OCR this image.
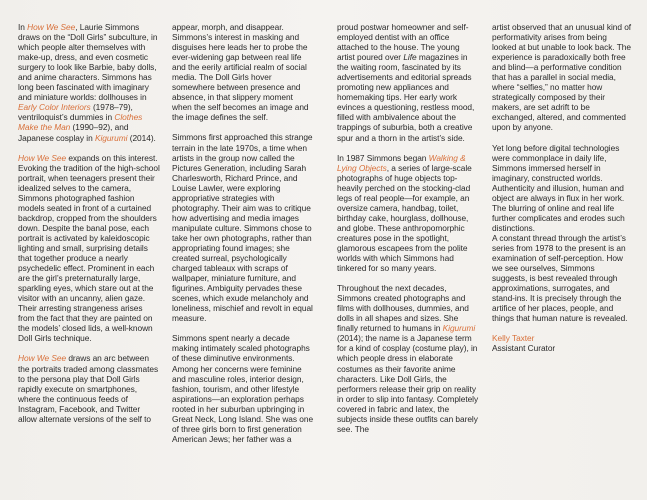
In How We See, Laurie Simmons draws on the “Doll Girls” subculture, in which people alter themselves with make-up, dress, and even cosmetic surgery to look like Barbie, baby dolls, and anime characters. Simmons has long been fascinated with imaginary and miniature worlds: dollhouses in Early Color Interiors (1978–79), ventriloquist’s dummies in Clothes Make the Man (1990–92), and Japanese cosplay in Kigurumi (2014).

How We See expands on this interest. Evoking the tradition of the high-school portrait, when teenagers present their idealized selves to the camera, Simmons photographed fashion models seated in front of a curtained backdrop, cropped from the shoulders down. Despite the banal pose, each portrait is activated by kaleidoscopic lighting and small, surprising details that together produce a nearly psychedelic effect. Prominent in each are the girl’s preternaturally large, sparkling eyes, which stare out at the visitor with an uncanny, alien gaze. Their arresting strangeness arises from the fact that they are painted on the models’ closed lids, a well-known Doll Girls technique.

How We See draws an arc between the portraits traded among classmates to the persona play that Doll Girls rapidly execute on smartphones, where the continuous feeds of Instagram, Facebook, and Twitter allow alternate versions of the self to

appear, morph, and disappear. Simmons’s interest in masking and disguises here leads her to probe the ever-widening gap between real life and the eerily artificial realm of social media. The Doll Girls hover somewhere between presence and absence, in that slippery moment when the self becomes an image and the image defines the self.

Simmons first approached this strange terrain in the late 1970s, a time when artists in the group now called the Pictures Generation, including Sarah Charlesworth, Richard Prince, and Louise Lawler, were exploring appropriative strategies with photography. Their aim was to critique how advertising and media images manipulate culture. Simmons chose to take her own photographs, rather than appropriating found images; she created surreal, psychologically charged tableaux with scraps of wallpaper, miniature furniture, and figurines. Ambiguity pervades these scenes, which exude melancholy and loneliness, mischief and revolt in equal measure.

Simmons spent nearly a decade making intimately scaled photographs of these diminutive environments. Among her concerns were feminine and masculine roles, interior design, fashion, tourism, and other lifestyle aspirations—an exploration perhaps rooted in her suburban upbringing in Great Neck, Long Island. She was one of three girls born to first generation American Jews; her father was a

proud postwar homeowner and self-employed dentist with an office attached to the house. The young artist poured over Life magazines in the waiting room, fascinated by its advertisements and editorial spreads promoting new appliances and homemaking tips. Her early work evinces a questioning, restless mood, filled with ambivalence about the trappings of suburbia, both a creative spur and a thorn in the artist’s side.

In 1987 Simmons began Walking & Lying Objects, a series of large-scale photographs of huge objects top-heavily perched on the stocking-clad legs of real people—for example, an oversize camera, handbag, toilet, birthday cake, hourglass, dollhouse, and globe. These anthropomorphic creatures pose in the spotlight, glamorous escapees from the polite worlds with which Simmons had tinkered for so many years.

Throughout the next decades, Simmons created photographs and films with dollhouses, dummies, and dolls in all shapes and sizes. She finally returned to humans in Kigurumi (2014); the name is a Japanese term for a kind of cosplay (costume play), in which people dress in elaborate costumes as their favorite anime characters. Like Doll Girls, the performers release their grip on reality in order to slip into fantasy. Completely covered in fabric and latex, the subjects inside these outfits can barely see. The

artist observed that an unusual kind of performativity arises from being looked at but unable to look back. The experience is paradoxically both free and blind—a performative condition that has a parallel in social media, where “selfies,” no matter how strategically composed by their makers, are set adrift to be exchanged, altered, and commented upon by anyone.

Yet long before digital technologies were commonplace in daily life, Simmons immersed herself in imaginary, constructed worlds. Authenticity and illusion, human and object are always in flux in her work. The blurring of online and real life further complicates and erodes such distinctions.

A constant thread through the artist’s series from 1978 to the present is an examination of self-perception. How we see ourselves, Simmons suggests, is best revealed through approximations, surrogates, and stand-ins. It is precisely through the artifice of her places, people, and things that human nature is revealed.

Kelly Taxter
Assistant Curator
